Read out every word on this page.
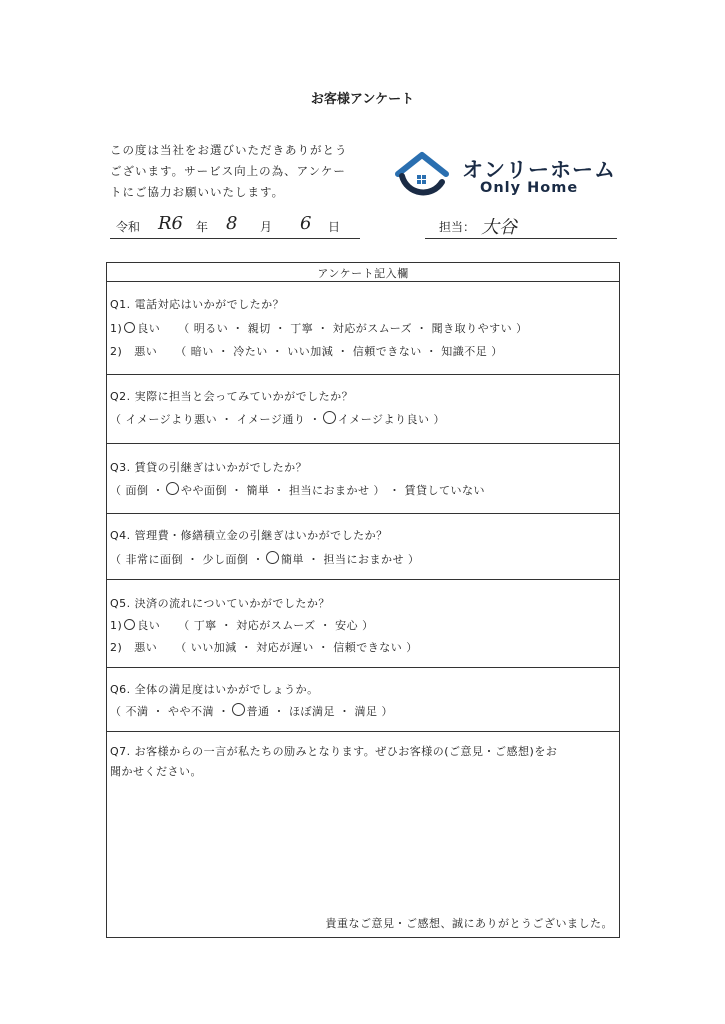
お客様アンケート
この度は当社をお選びいただきありがとう
ございます。サービス向上の為、アンケー
トにご協力お願いいたします。
オンリーホーム
Only Home
令和 R6 年 8 月 6 日	担当： 大谷
アンケート記入欄
Q1. 電話対応はいかがでしたか？
1) ○ 良い （ 明るい ・ 親切 ・ 丁寧 ・ 対応がスムーズ ・ 聞き取りやすい ）
2) 悪い （ 暗い ・ 冷たい ・ いい加減 ・ 信頼できない ・ 知識不足 ）
Q2. 実際に担当と会ってみていかがでしたか？
（ イメージより悪い ・ イメージ通り ・ ○ イメージより良い ）
Q3. 賃貸の引継ぎはいかがでしたか？
（ 面倒 ・ ○ やや面倒 ・ 簡単 ・ 担当におまかせ ） ・ 賃貸していない
Q4. 管理費・修繕積立金の引継ぎはいかがでしたか？
（ 非常に面倒 ・ 少し面倒 ・ ○ 簡単 ・ 担当におまかせ ）
Q5. 決済の流れについていかがでしたか？
1) ○ 良い （ 丁寧 ・ 対応がスムーズ ・ 安心 ）
2) 悪い （ いい加減 ・ 対応が遅い ・ 信頼できない ）
Q6. 全体の満足度はいかがでしょうか。
（ 不満 ・ やや不満 ・ ○ 普通 ・ ほぼ満足 ・ 満足 ）
Q7. お客様からの一言が私たちの励みとなります。ぜひお客様の(ご意見・ご感想)をお
聞かせください。
貴重なご意見・ご感想、誠にありがとうございました。
